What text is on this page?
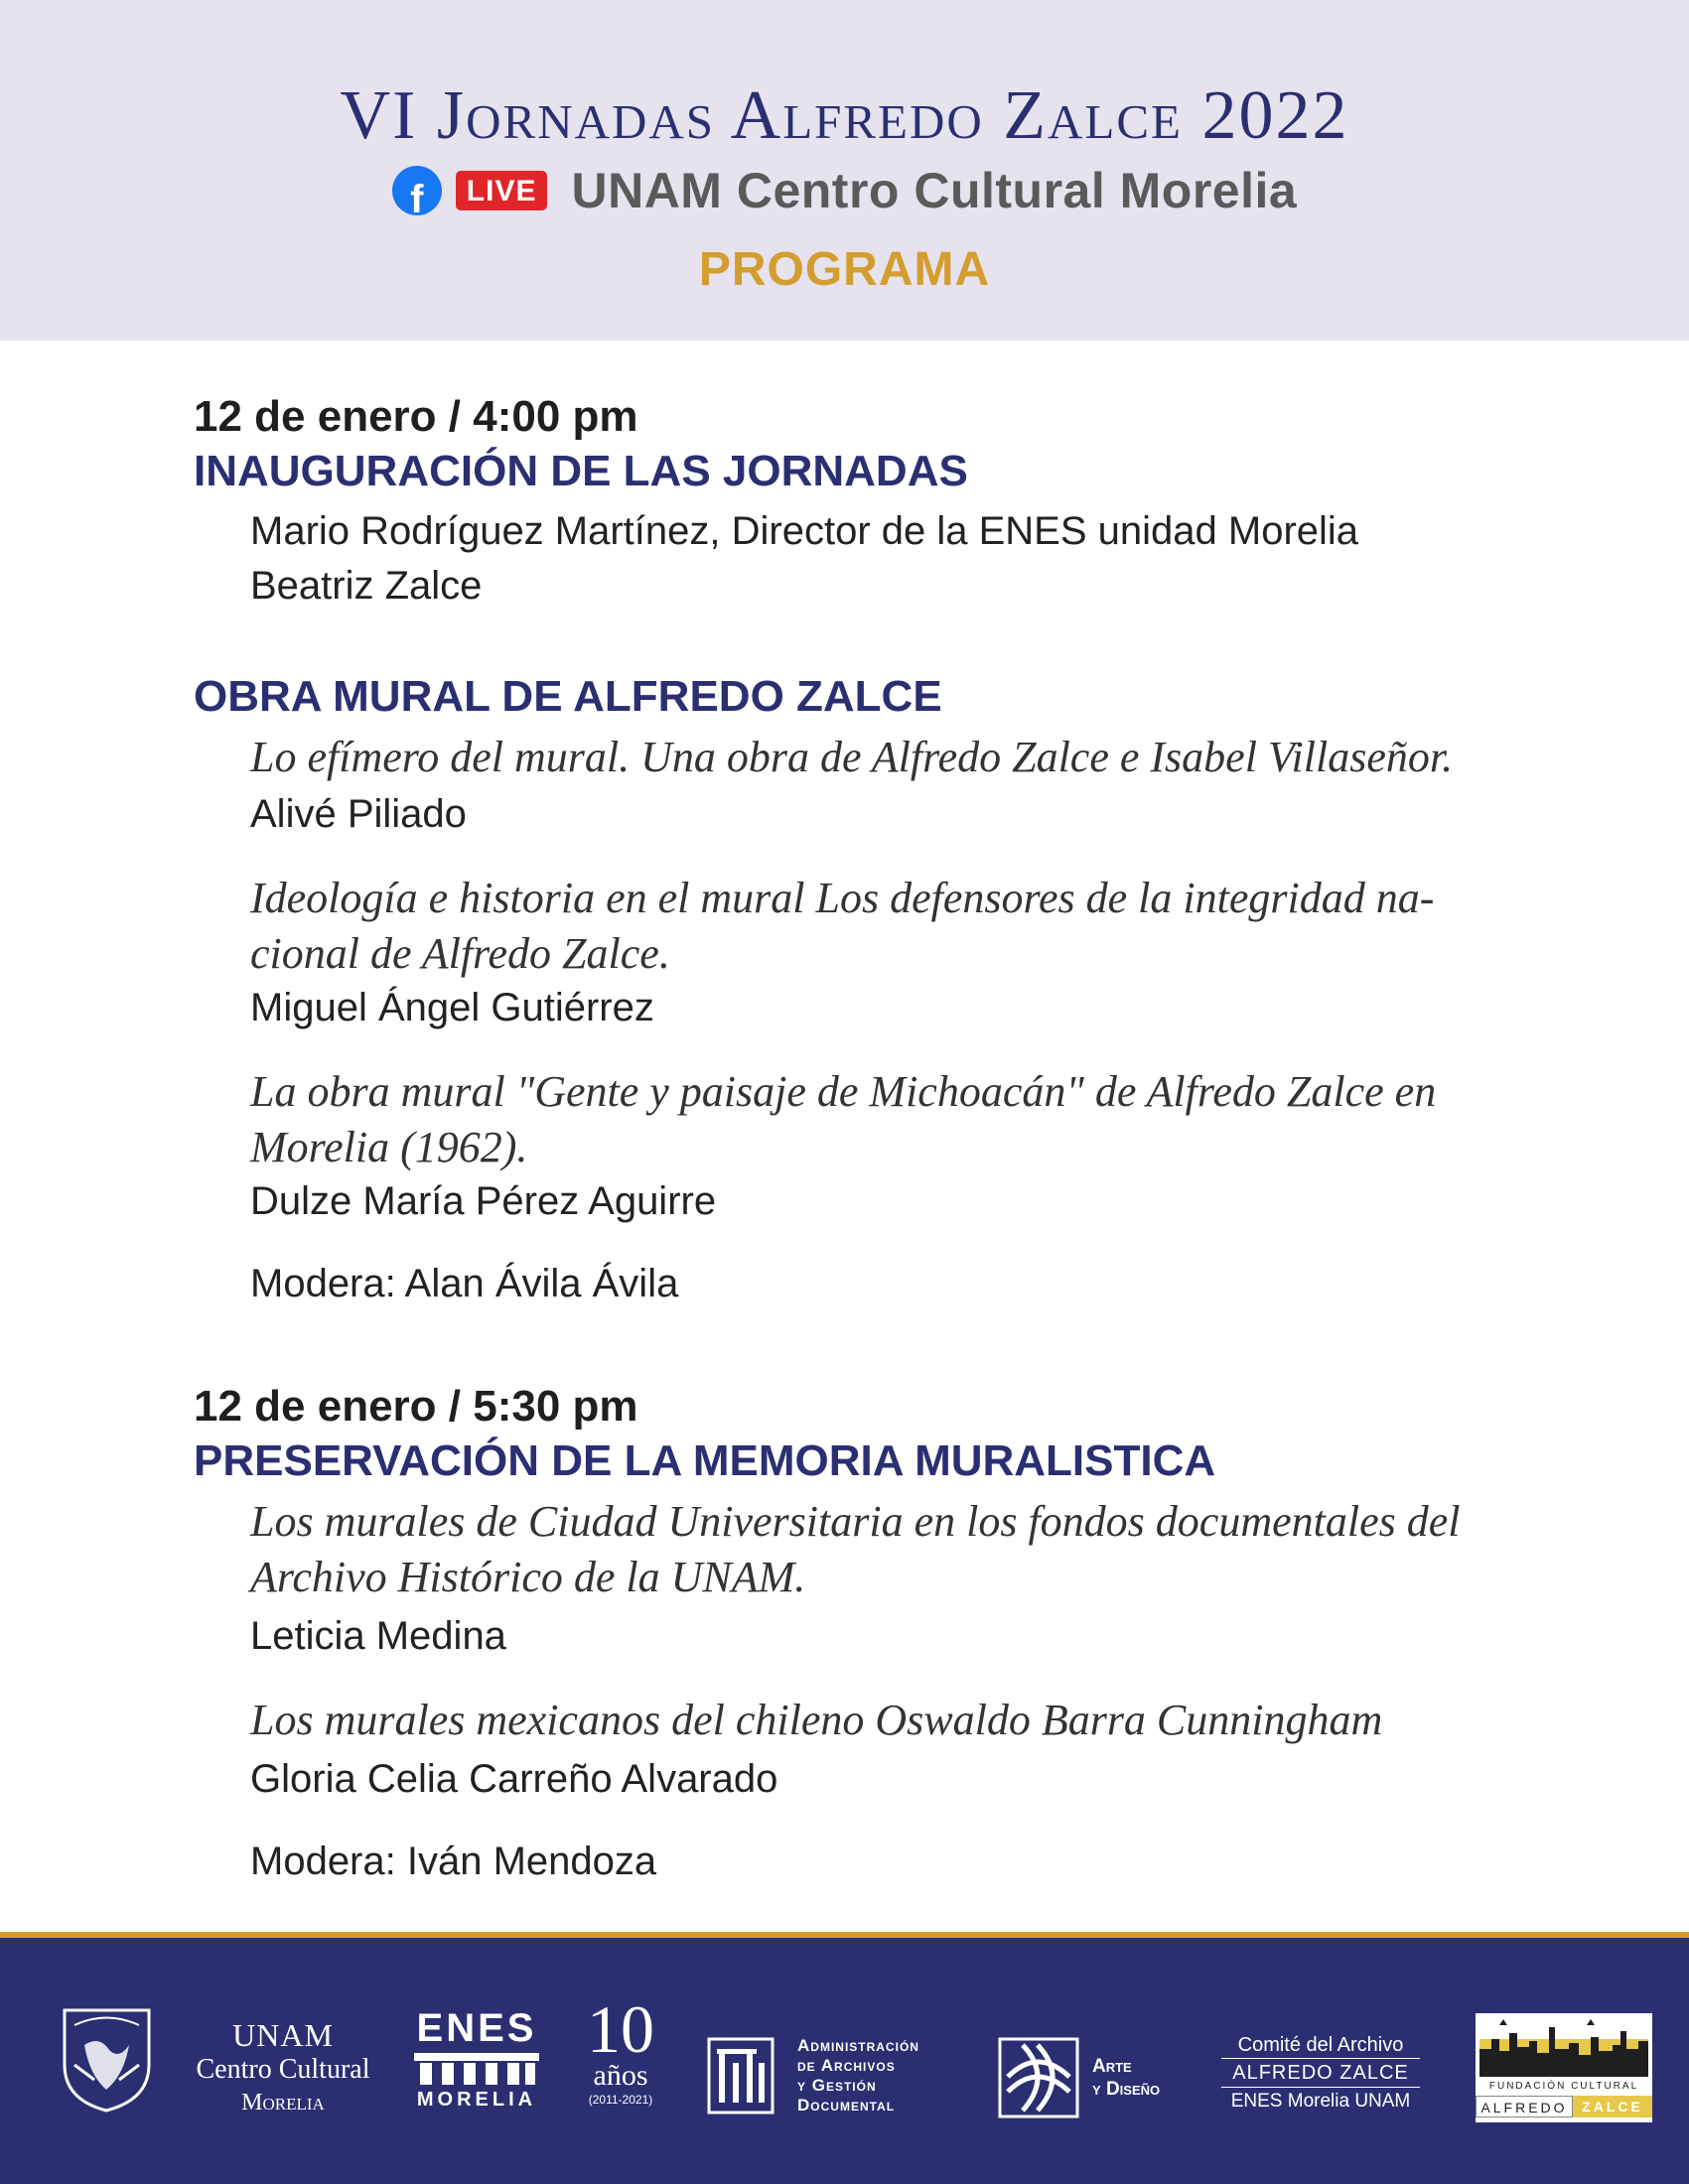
VI Jornadas Alfredo Zalce 2022
f	LIVE UNAM Centro Cultural Morelia
PROGRAMA
12 de enero / 4:00 pm
INAUGURACIÓN DE LAS JORNADAS
Mario Rodríguez Martínez, Director de la ENES unidad Morelia
Beatriz Zalce
OBRA MURAL DE ALFREDO ZALCE
Lo efímero del mural. Una obra de Alfredo Zalce e Isabel Villaseñor.
Alivé Piliado
Ideología e historia en el mural Los defensores de la integridad na-
cional de Alfredo Zalce.
Miguel Ángel Gutiérrez
La obra mural "Gente y paisaje de Michoacán" de Alfredo Zalce en
Morelia (1962).
Dulze María Pérez Aguirre
Modera: Alan Ávila Ávila
12 de enero / 5:30 pm
PRESERVACIÓN DE LA MEMORIA MURALISTICA
Los murales de Ciudad Universitaria en los fondos documentales del
Archivo Histórico de la UNAM.
Leticia Medina
Los murales mexicanos del chileno Oswaldo Barra Cunningham
Gloria Celia Carreño Alvarado
Modera: Iván Mendoza
UNAM
Centro Cultural
Morelia
ENES
MORELIA
10
años
(2011-2021)
Administración
de Archivos
y Gestión
Documental
Arte
y Diseño
Comité del Archivo
ALFREDO ZALCE
ENES Morelia UNAM
FUNDACIÓN CULTURAL
ALFREDO	ZALCE
